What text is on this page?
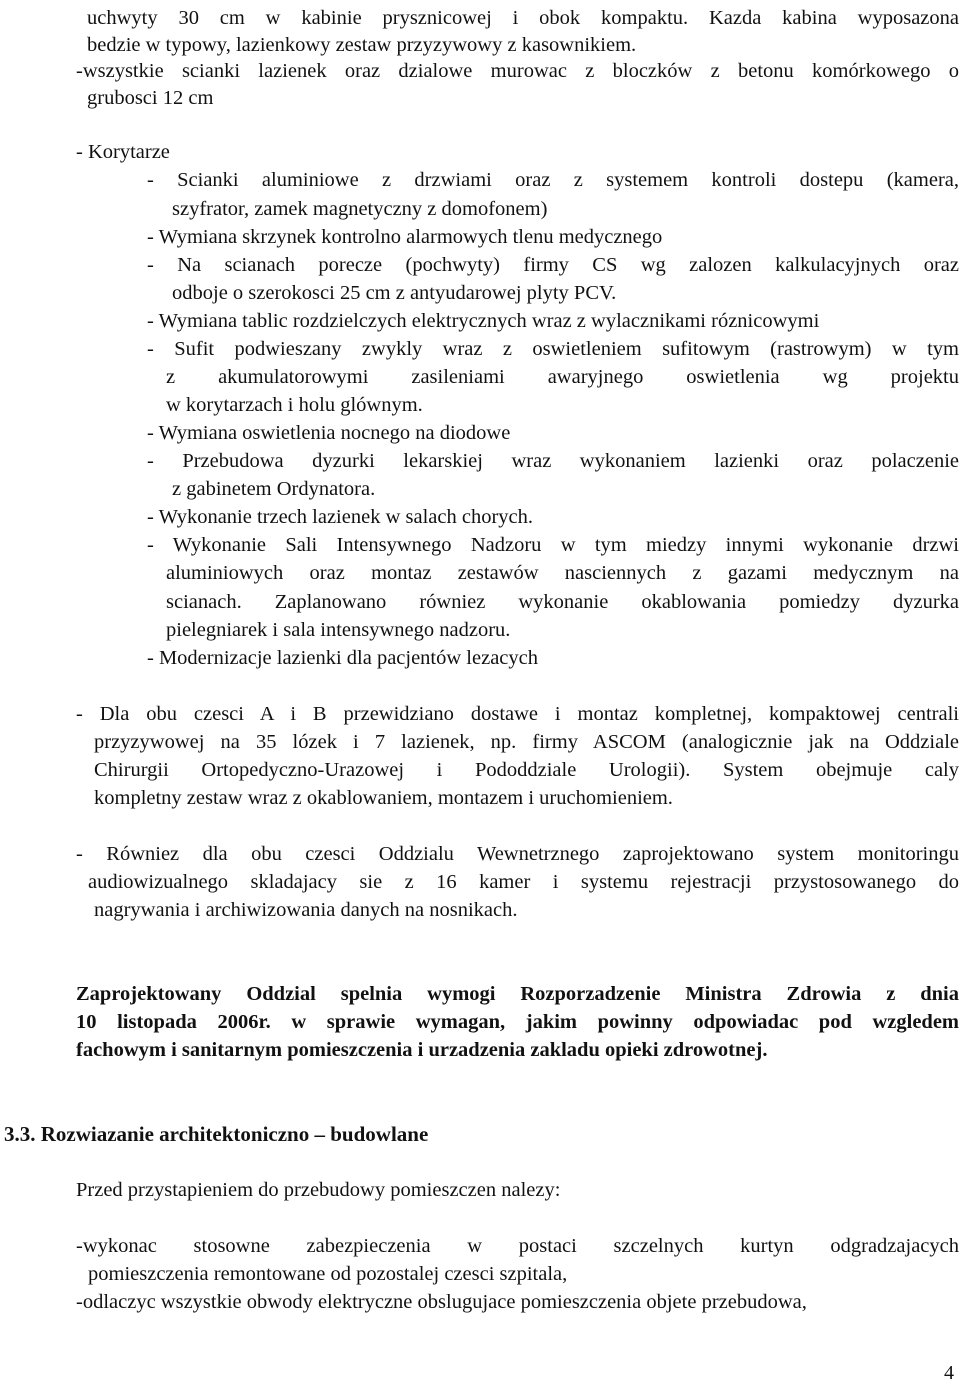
uchwyty 30 cm w kabinie prysznicowej i obok kompaktu. Kazda kabina wyposazona
bedzie w typowy, lazienkowy zestaw przyzywowy z kasownikiem.
-wszystkie scianki lazienek oraz dzialowe murowac z bloczków z betonu komórkowego o
grubosci 12 cm
- Korytarze
- Scianki aluminiowe z drzwiami oraz z systemem kontroli dostepu (kamera,
szyfrator, zamek magnetyczny z domofonem)
- Wymiana skrzynek kontrolno alarmowych tlenu medycznego
- Na scianach porecze (pochwyty) firmy CS wg zalozen kalkulacyjnych oraz
odboje o szerokosci 25 cm z antyudarowej plyty PCV.
- Wymiana tablic rozdzielczych elektrycznych wraz z wylacznikami róznicowymi
- Sufit podwieszany zwykly wraz z oswietleniem sufitowym (rastrowym) w tym
z akumulatorowymi zasileniami awaryjnego oswietlenia wg projektu
w korytarzach i holu glównym.
- Wymiana oswietlenia nocnego na diodowe
- Przebudowa dyzurki lekarskiej wraz wykonaniem lazienki oraz polaczenie
z gabinetem Ordynatora.
- Wykonanie trzech lazienek w salach chorych.
- Wykonanie Sali Intensywnego Nadzoru w tym miedzy innymi wykonanie drzwi
aluminiowych oraz montaz zestawów nasciennych z gazami medycznym na
scianach. Zaplanowano równiez wykonanie okablowania pomiedzy dyzurka
pielegniarek i sala intensywnego nadzoru.
- Modernizacje lazienki dla pacjentów lezacych
- Dla obu czesci A i B przewidziano dostawe i montaz kompletnej, kompaktowej centrali
przyzywowej na 35 lózek i 7 lazienek, np. firmy ASCOM (analogicznie jak na Oddziale
Chirurgii Ortopedyczno-Urazowej i Pododdziale Urologii). System obejmuje caly
kompletny zestaw wraz z okablowaniem, montazem i uruchomieniem.
- Równiez dla obu czesci Oddzialu Wewnetrznego zaprojektowano system monitoringu
audiowizualnego skladajacy sie z 16 kamer i systemu rejestracji przystosowanego do
nagrywania i archiwizowania danych na nosnikach.
Zaprojektowany Oddzial spelnia wymogi Rozporzadzenie Ministra Zdrowia z dnia
10 listopada 2006r. w sprawie wymagan, jakim powinny odpowiadac pod wzgledem
fachowym i sanitarnym pomieszczenia i urzadzenia zakladu opieki zdrowotnej.
3.3. Rozwiazanie architektoniczno – budowlane
Przed przystapieniem do przebudowy pomieszczen nalezy:
-wykonac stosowne zabezpieczenia w postaci szczelnych kurtyn odgradzajacych
pomieszczenia remontowane od pozostalej czesci szpitala,
-odlaczyc wszystkie obwody elektryczne obslugujace pomieszczenia objete przebudowa,
4
